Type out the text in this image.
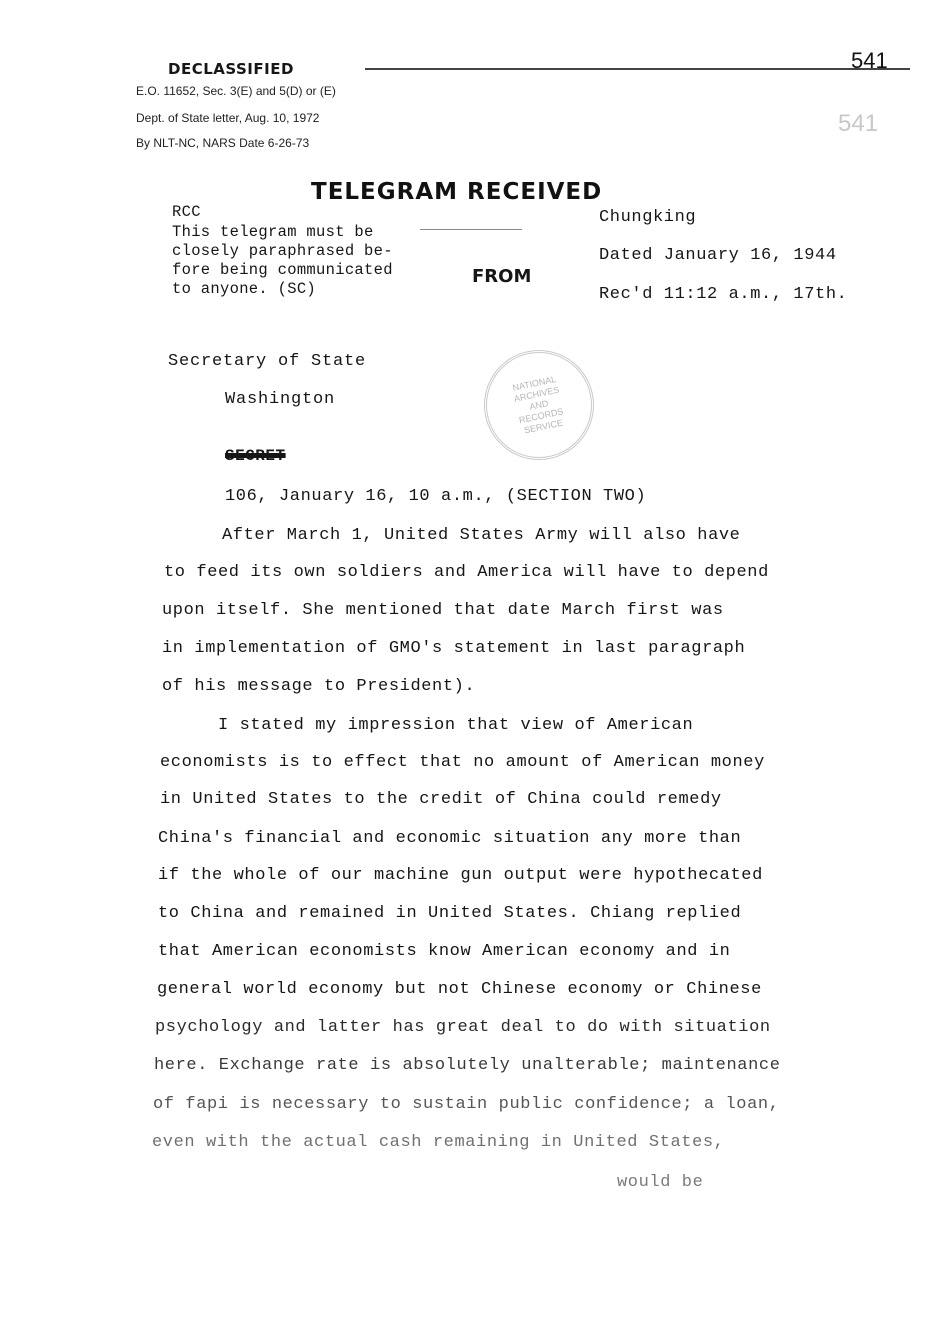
DECLASSIFIED
E.O. 11652, Sec. 3(E) and 5(D) or (E)
Dept. of State letter, Aug. 10, 1972
By NLT-NC, NARS Date 6-26-73
541
541
TELEGRAM RECEIVED
RCC
This telegram must be
closely paraphrased be-
fore being communicated
to anyone. (SC)
FROM
Chungking
Dated January 16, 1944
Rec'd 11:12 a.m., 17th.
NATIONAL ARCHIVES AND RECORDS SERVICE
Secretary of State
Washington
SECRET
106, January 16, 10 a.m., (SECTION TWO)
After March 1, United States Army will also have
to feed its own soldiers and America will have to depend
upon itself. She mentioned that date March first was
in implementation of GMO's statement in last paragraph
of his message to President).
I stated my impression that view of American
economists is to effect that no amount of American money
in United States to the credit of China could remedy
China's financial and economic situation any more than
if the whole of our machine gun output were hypothecated
to China and remained in United States. Chiang replied
that American economists know American economy and in
general world economy but not Chinese economy or Chinese
psychology and latter has great deal to do with situation
here. Exchange rate is absolutely unalterable; maintenance
of fapi is necessary to sustain public confidence; a loan,
even with the actual cash remaining in United States,
would be
